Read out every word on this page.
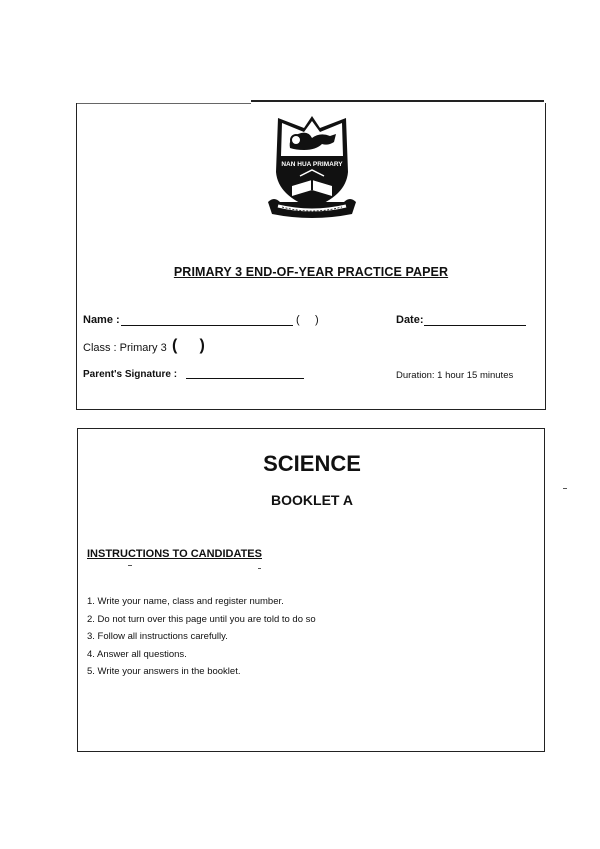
NAN HUA PRIMARY
PRIMARY 3 END-OF-YEAR PRACTICE PAPER
Name :	(     )	Date:
Class : Primary 3 (     )
Parent's Signature :	Duration: 1 hour 15 minutes
SCIENCE
BOOKLET A
INSTRUCTIONS TO CANDIDATES
1. Write your name, class and register number.
2. Do not turn over this page until you are told to do so
3. Follow all instructions carefully.
4. Answer all questions.
5. Write your answers in the booklet.
